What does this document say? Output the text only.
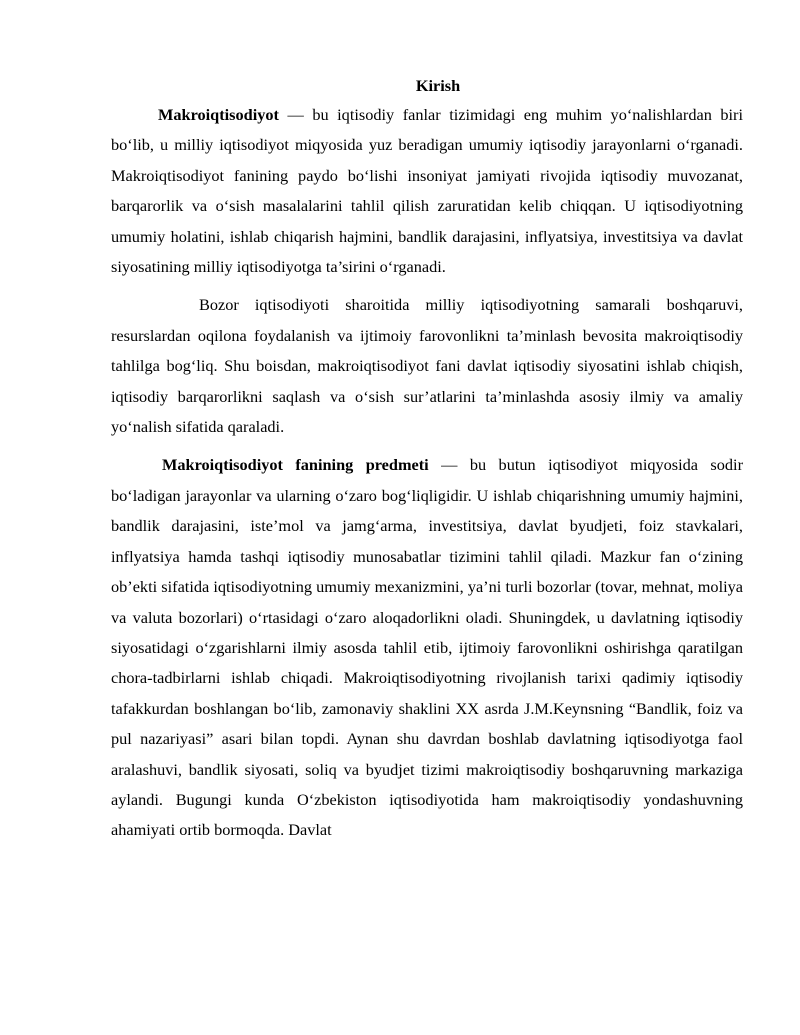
Kirish

Makroiqtisodiyot — bu iqtisodiy fanlar tizimidagi eng muhim yo‘nalishlardan biri bo‘lib, u milliy iqtisodiyot miqyosida yuz beradigan umumiy iqtisodiy jarayonlarni o‘rganadi. Makroiqtisodiyot fanining paydo bo‘lishi insoniyat jamiyati rivojida iqtisodiy muvozanat, barqarorlik va o‘sish masalalarini tahlil qilish zaruratidan kelib chiqqan. U iqtisodiyotning umumiy holatini, ishlab chiqarish hajmini, bandlik darajasini, inflyatsiya, investitsiya va davlat siyosatining milliy iqtisodiyotga ta’sirini o‘rganadi.

Bozor iqtisodiyoti sharoitida milliy iqtisodiyotning samarali boshqaruvi, resurslardan oqilona foydalanish va ijtimoiy farovonlikni ta’minlash bevosita makroiqtisodiy tahlilga bog‘liq. Shu boisdan, makroiqtisodiyot fani davlat iqtisodiy siyosatini ishlab chiqish, iqtisodiy barqarorlikni saqlash va o‘sish sur’atlarini ta’minlashda asosiy ilmiy va amaliy yo‘nalish sifatida qaraladi.

Makroiqtisodiyot fanining predmeti — bu butun iqtisodiyot miqyosida sodir bo‘ladigan jarayonlar va ularning o‘zaro bog‘liqligidir. U ishlab chiqarishning umumiy hajmini, bandlik darajasini, iste’mol va jamg‘arma, investitsiya, davlat byudjeti, foiz stavkalari, inflyatsiya hamda tashqi iqtisodiy munosabatlar tizimini tahlil qiladi. Mazkur fan o‘zining ob’ekti sifatida iqtisodiyotning umumiy mexanizmini, ya’ni turli bozorlar (tovar, mehnat, moliya va valuta bozorlari) o‘rtasidagi o‘zaro aloqadorlikni oladi. Shuningdek, u davlatning iqtisodiy siyosatidagi o‘zgarishlarni ilmiy asosda tahlil etib, ijtimoiy farovonlikni oshirishga qaratilgan chora-tadbirlarni ishlab chiqadi. Makroiqtisodiyotning rivojlanish tarixi qadimiy iqtisodiy tafakkurdan boshlangan bo‘lib, zamonaviy shaklini XX asrda J.M.Keynsning “Bandlik, foiz va pul nazariyasi” asari bilan topdi. Aynan shu davrdan boshlab davlatning iqtisodiyotga faol aralashuvi, bandlik siyosati, soliq va byudjet tizimi makroiqtisodiy boshqaruvning markaziga aylandi. Bugungi kunda O‘zbekiston iqtisodiyotida ham makroiqtisodiy yondashuvning ahamiyati ortib bormoqda. Davlat
